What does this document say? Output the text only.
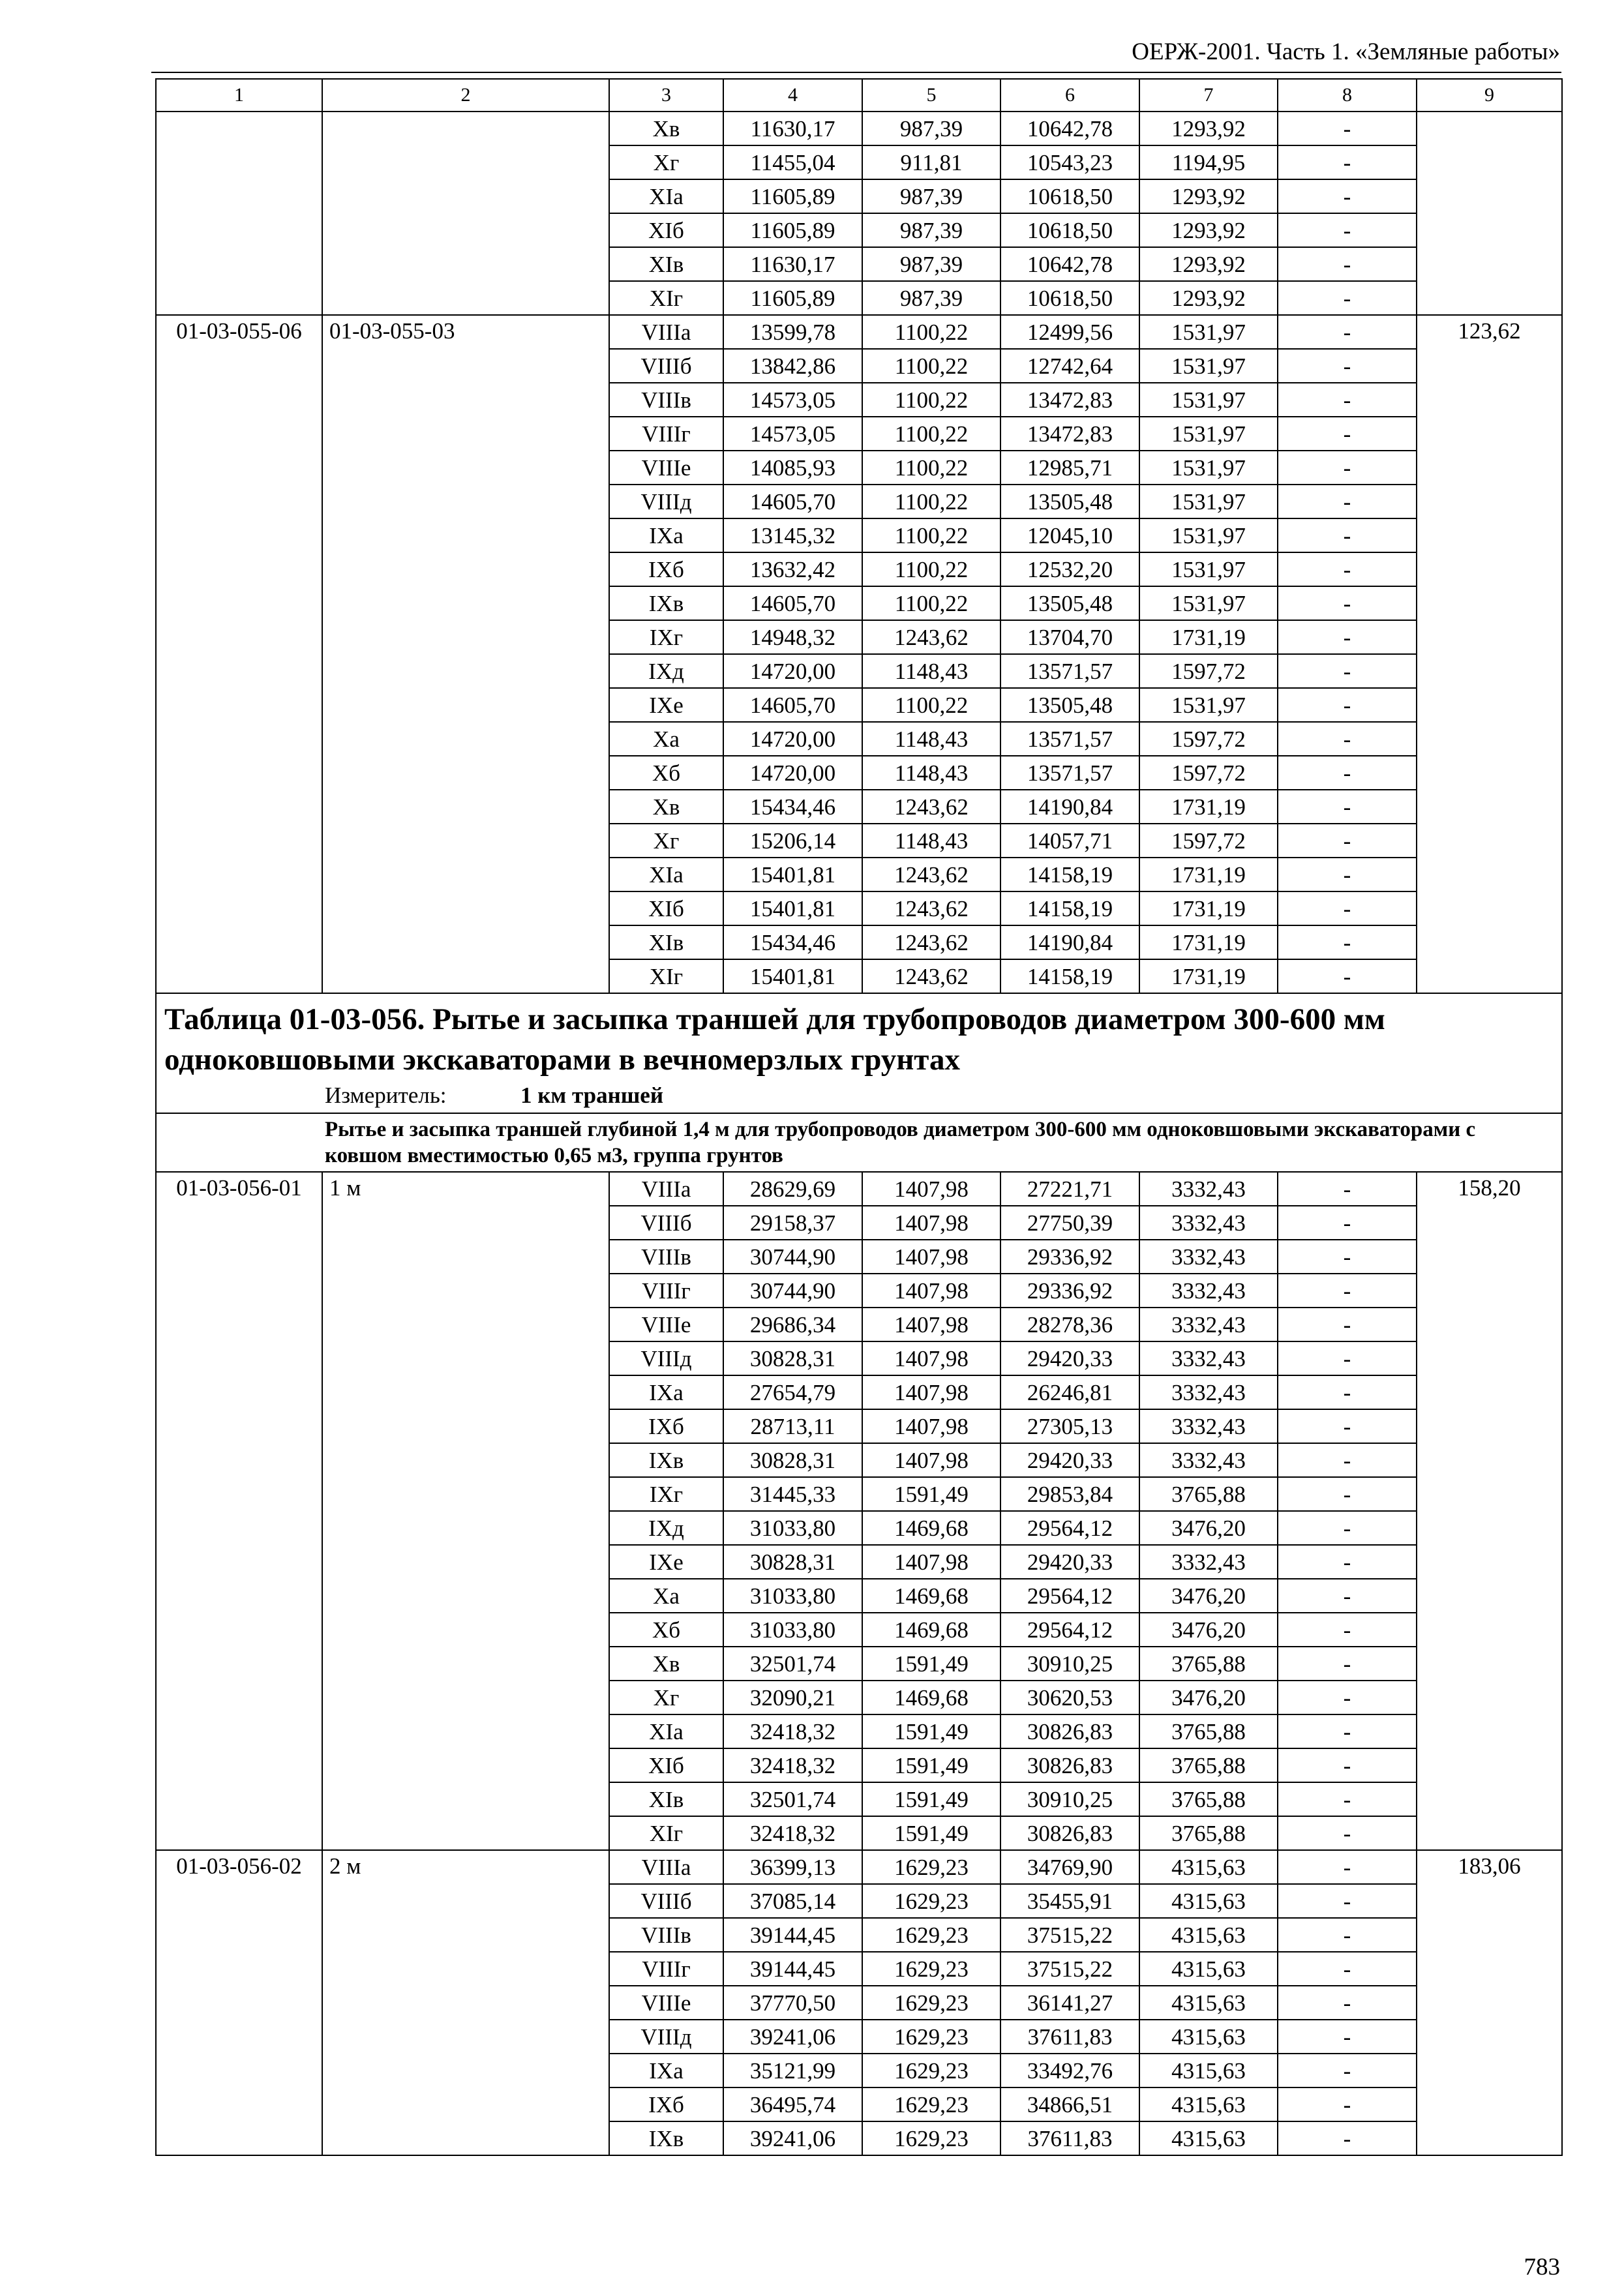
ОЕРЖ-2001. Часть 1. «Земляные работы»
1	2	3	4	5	6	7	8	9
		Хв	11630,17	987,39	10642,78	1293,92	-	
		Хг	11455,04	911,81	10543,23	1194,95	-	
		XIа	11605,89	987,39	10618,50	1293,92	-	
		XIб	11605,89	987,39	10618,50	1293,92	-	
		XIв	11630,17	987,39	10642,78	1293,92	-	
		XIг	11605,89	987,39	10618,50	1293,92	-	
01-03-055-06	01-03-055-03	VIIIа	13599,78	1100,22	12499,56	1531,97	-	123,62
		VIIIб	13842,86	1100,22	12742,64	1531,97	-	
		VIIIв	14573,05	1100,22	13472,83	1531,97	-	
		VIIIг	14573,05	1100,22	13472,83	1531,97	-	
		VIIIе	14085,93	1100,22	12985,71	1531,97	-	
		VIIIд	14605,70	1100,22	13505,48	1531,97	-	
		IXа	13145,32	1100,22	12045,10	1531,97	-	
		IXб	13632,42	1100,22	12532,20	1531,97	-	
		IXв	14605,70	1100,22	13505,48	1531,97	-	
		IXг	14948,32	1243,62	13704,70	1731,19	-	
		IXд	14720,00	1148,43	13571,57	1597,72	-	
		IXе	14605,70	1100,22	13505,48	1531,97	-	
		Ха	14720,00	1148,43	13571,57	1597,72	-	
		Хб	14720,00	1148,43	13571,57	1597,72	-	
		Хв	15434,46	1243,62	14190,84	1731,19	-	
		Хг	15206,14	1148,43	14057,71	1597,72	-	
		XIа	15401,81	1243,62	14158,19	1731,19	-	
		XIб	15401,81	1243,62	14158,19	1731,19	-	
		XIв	15434,46	1243,62	14190,84	1731,19	-	
		XIг	15401,81	1243,62	14158,19	1731,19	-	

Таблица 01-03-056. Рытье и засыпка траншей для трубопроводов диаметром 300-600 мм одноковшовыми экскаваторами в вечномерзлых грунтах
Измеритель: 1 км траншей								

Рытье и засыпка траншей глубиной 1,4 м для трубопроводов диаметром 300-600 мм одноковшовыми экскаваторами с ковшом вместимостью 0,65 м3, группа грунтов								
01-03-056-01	1 м	VIIIа	28629,69	1407,98	27221,71	3332,43	-	158,20
		VIIIб	29158,37	1407,98	27750,39	3332,43	-	
		VIIIв	30744,90	1407,98	29336,92	3332,43	-	
		VIIIг	30744,90	1407,98	29336,92	3332,43	-	
		VIIIе	29686,34	1407,98	28278,36	3332,43	-	
		VIIIд	30828,31	1407,98	29420,33	3332,43	-	
		IXа	27654,79	1407,98	26246,81	3332,43	-	
		IXб	28713,11	1407,98	27305,13	3332,43	-	
		IXв	30828,31	1407,98	29420,33	3332,43	-	
		IXг	31445,33	1591,49	29853,84	3765,88	-	
		IXд	31033,80	1469,68	29564,12	3476,20	-	
		IXе	30828,31	1407,98	29420,33	3332,43	-	
		Ха	31033,80	1469,68	29564,12	3476,20	-	
		Хб	31033,80	1469,68	29564,12	3476,20	-	
		Хв	32501,74	1591,49	30910,25	3765,88	-	
		Хг	32090,21	1469,68	30620,53	3476,20	-	
		XIа	32418,32	1591,49	30826,83	3765,88	-	
		XIб	32418,32	1591,49	30826,83	3765,88	-	
		XIв	32501,74	1591,49	30910,25	3765,88	-	
		XIг	32418,32	1591,49	30826,83	3765,88	-	
01-03-056-02	2 м	VIIIа	36399,13	1629,23	34769,90	4315,63	-	183,06
		VIIIб	37085,14	1629,23	35455,91	4315,63	-	
		VIIIв	39144,45	1629,23	37515,22	4315,63	-	
		VIIIг	39144,45	1629,23	37515,22	4315,63	-	
		VIIIе	37770,50	1629,23	36141,27	4315,63	-	
		VIIIд	39241,06	1629,23	37611,83	4315,63	-	
		IXа	35121,99	1629,23	33492,76	4315,63	-	
		IXб	36495,74	1629,23	34866,51	4315,63	-	
		IXв	39241,06	1629,23	37611,83	4315,63	-	
783
